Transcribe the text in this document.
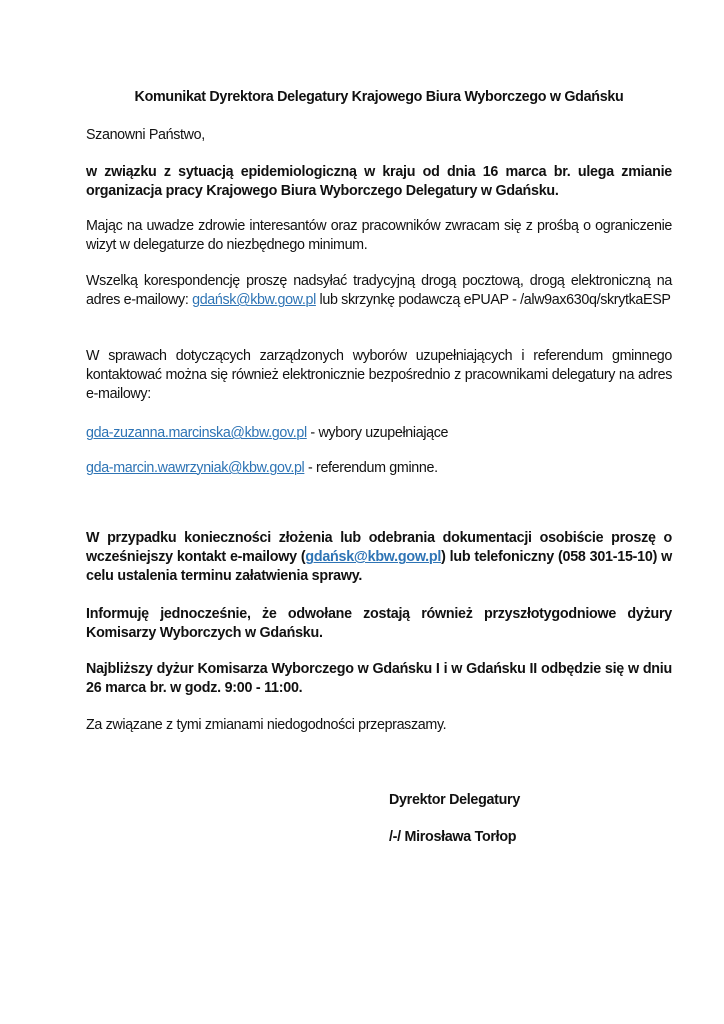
Komunikat Dyrektora Delegatury Krajowego Biura Wyborczego w Gdańsku

Szanowni Państwo,

w związku z sytuacją epidemiologiczną w kraju od dnia 16 marca br. ulega zmianie organizacja pracy Krajowego Biura Wyborczego Delegatury w Gdańsku.

Mając na uwadze zdrowie interesantów oraz pracowników zwracam się z prośbą o ograniczenie wizyt w delegaturze do niezbędnego minimum.

Wszelką korespondencję proszę nadsyłać tradycyjną drogą pocztową, drogą elektroniczną na adres e-mailowy: gdańsk@kbw.gow.pl lub skrzynkę podawczą ePUAP - /alw9ax630q/skrytkaESP

W sprawach dotyczących zarządzonych wyborów uzupełniających i referendum gminnego kontaktować można się również elektronicznie bezpośrednio z pracownikami delegatury na adres e-mailowy:

gda-zuzanna.marcinska@kbw.gov.pl - wybory uzupełniające

gda-marcin.wawrzyniak@kbw.gov.pl - referendum gminne.

W przypadku konieczności złożenia lub odebrania dokumentacji osobiście proszę o wcześniejszy kontakt e-mailowy (gdańsk@kbw.gow.pl) lub telefoniczny (058 301-15-10) w celu ustalenia terminu załatwienia sprawy.

Informuję jednocześnie, że odwołane zostają również przyszłotygodniowe dyżury Komisarzy Wyborczych w Gdańsku.

Najbliższy dyżur Komisarza Wyborczego w Gdańsku I i w Gdańsku II odbędzie się w dniu 26 marca br. w godz. 9:00 - 11:00.

Za związane z tymi zmianami niedogodności przepraszamy.

Dyrektor Delegatury

/-/ Mirosława Torłop
